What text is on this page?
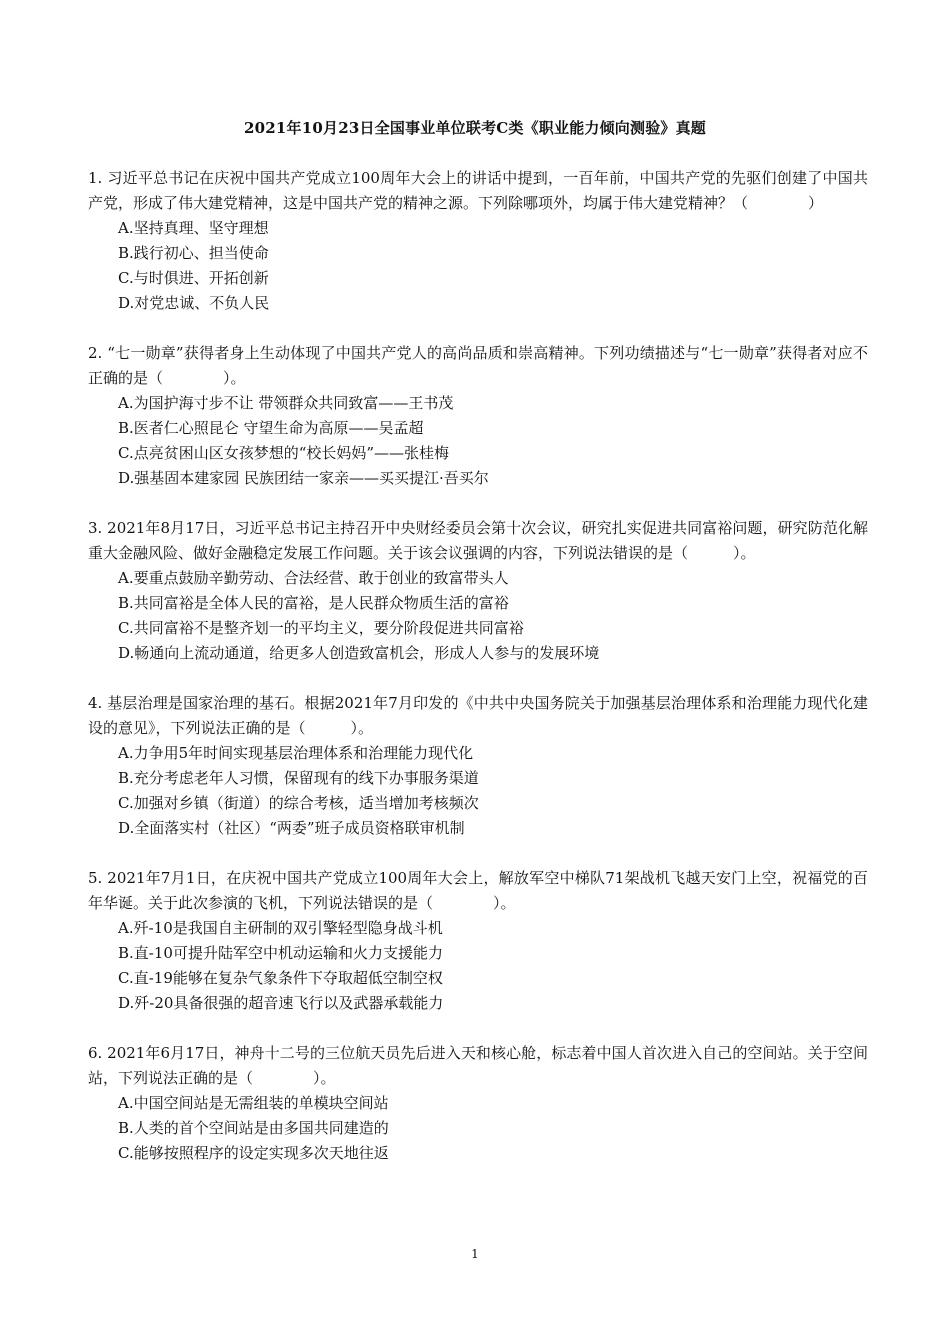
2021年10月23日全国事业单位联考C类《职业能力倾向测验》真题

1. 习近平总书记在庆祝中国共产党成立100周年大会上的讲话中提到，一百年前，中国共产党的先驱们创建了中国共产党，形成了伟大建党精神，这是中国共产党的精神之源。下列除哪项外，均属于伟大建党精神？（　　　　）

A.坚持真理、坚守理想

B.践行初心、担当使命

C.与时俱进、开拓创新

D.对党忠诚、不负人民

2. “七一勋章”获得者身上生动体现了中国共产党人的高尚品质和崇高精神。下列功绩描述与“七一勋章”获得者对应不正确的是（　　　　）。

A.为国护海寸步不让 带领群众共同致富——王书茂

B.医者仁心照昆仑 守望生命为高原——吴孟超

C.点亮贫困山区女孩梦想的“校长妈妈”——张桂梅

D.强基固本建家园 民族团结一家亲——买买提江·吾买尔

3. 2021年8月17日，习近平总书记主持召开中央财经委员会第十次会议，研究扎实促进共同富裕问题，研究防范化解重大金融风险、做好金融稳定发展工作问题。关于该会议强调的内容，下列说法错误的是（　　　）。

A.要重点鼓励辛勤劳动、合法经营、敢于创业的致富带头人

B.共同富裕是全体人民的富裕，是人民群众物质生活的富裕

C.共同富裕不是整齐划一的平均主义，要分阶段促进共同富裕

D.畅通向上流动通道，给更多人创造致富机会，形成人人参与的发展环境

4. 基层治理是国家治理的基石。根据2021年7月印发的《中共中央国务院关于加强基层治理体系和治理能力现代化建设的意见》，下列说法正确的是（　　　）。

A.力争用5年时间实现基层治理体系和治理能力现代化

B.充分考虑老年人习惯，保留现有的线下办事服务渠道

C.加强对乡镇（街道）的综合考核，适当增加考核频次

D.全面落实村（社区）“两委”班子成员资格联审机制

5. 2021年7月1日，在庆祝中国共产党成立100周年大会上，解放军空中梯队71架战机飞越天安门上空，祝福党的百年华诞。关于此次参演的飞机，下列说法错误的是（　　　　）。

A.歼-10是我国自主研制的双引擎轻型隐身战斗机

B.直-10可提升陆军空中机动运输和火力支援能力

C.直-19能够在复杂气象条件下夺取超低空制空权

D.歼-20具备很强的超音速飞行以及武器承载能力

6. 2021年6月17日，神舟十二号的三位航天员先后进入天和核心舱，标志着中国人首次进入自己的空间站。关于空间站，下列说法正确的是（　　　　）。

A.中国空间站是无需组装的单模块空间站

B.人类的首个空间站是由多国共同建造的

C.能够按照程序的设定实现多次天地往返

1
